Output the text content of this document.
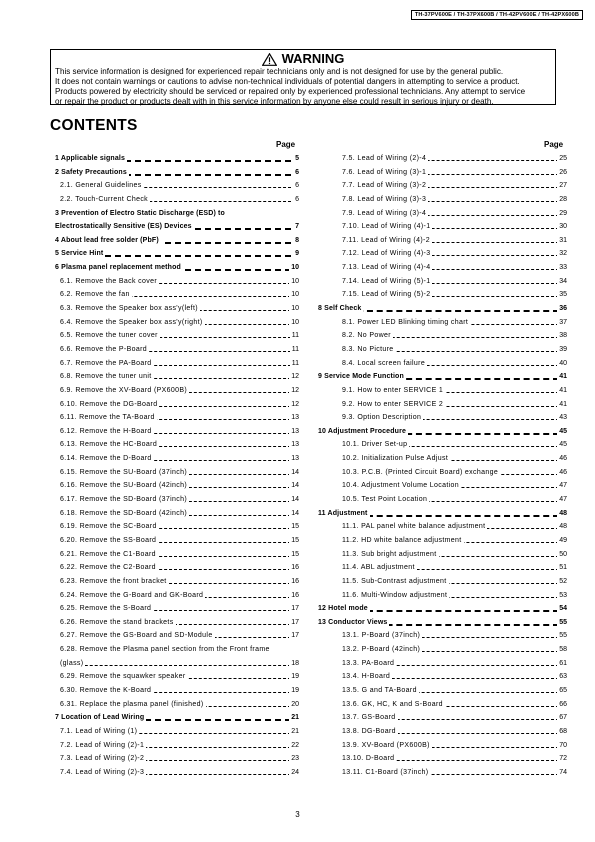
TH-37PV600E / TH-37PX600B / TH-42PV600E / TH-42PX600B
WARNING
This service information is designed for experienced repair technicians only and is not designed for use by the general public.
It does not contain warnings or cautions to advise non-technical individuals of potential dangers in attempting to service a product.
Products powered by electricity should be serviced or repaired only by experienced professional technicians. Any attempt to service
or repair the product or products dealt with in this service information by anyone else could result in serious injury or death.
CONTENTS
Page	Page
1 Applicable signals	5
2 Safety Precautions	6
2.1. General Guidelines	6
2.2. Touch-Current Check	6
3 Prevention of Electro Static Discharge (ESD) to
Electrostatically Sensitive (ES) Devices	7
4 About lead free solder (PbF)	8
5 Service Hint	9
6 Plasma panel replacement method	10
6.1. Remove the Back cover	10
6.2. Remove the fan	10
6.3. Remove the Speaker box ass'y(left)	10
6.4. Remove the Speaker box ass'y(right)	10
6.5. Remove the tuner cover	11
6.6. Remove the P-Board	11
6.7. Remove the PA-Board	11
6.8. Remove the tuner unit	12
6.9. Remove the XV-Board (PX600B)	12
6.10. Remove the DG-Board	12
6.11. Remove the TA-Board	13
6.12. Remove the H-Board	13
6.13. Remove the HC-Board	13
6.14. Remove the D-Board	13
6.15. Remove the SU-Board (37inch)	14
6.16. Remove the SU-Board (42inch)	14
6.17. Remove the SD-Board (37inch)	14
6.18. Remove the SD-Board (42inch)	14
6.19. Remove the SC-Board	15
6.20. Remove the SS-Board	15
6.21. Remove the C1-Board	15
6.22. Remove the C2-Board	16
6.23. Remove the front bracket	16
6.24. Remove the G-Board and GK-Board	16
6.25. Remove the S-Board	17
6.26. Remove the stand brackets	17
6.27. Remove the GS-Board and SD-Module	17
6.28. Remove the Plasma panel section from the Front frame
(glass)	18
6.29. Remove the squawker speaker	19
6.30. Remove the K-Board	19
6.31. Replace the plasma panel (finished)	20
7 Location of Lead Wiring	21
7.1. Lead of Wiring (1)	21
7.2. Lead of Wiring (2)-1	22
7.3. Lead of Wiring (2)-2	23
7.4. Lead of Wiring (2)-3	24
7.5. Lead of Wiring (2)-4	25
7.6. Lead of Wiring (3)-1	26
7.7. Lead of Wiring (3)-2	27
7.8. Lead of Wiring (3)-3	28
7.9. Lead of Wiring (3)-4	29
7.10. Lead of Wiring (4)-1	30
7.11. Lead of Wiring (4)-2	31
7.12. Lead of Wiring (4)-3	32
7.13. Lead of Wiring (4)-4	33
7.14. Lead of Wiring (5)-1	34
7.15. Lead of Wiring (5)-2	35
8 Self Check	36
8.1. Power LED Blinking timing chart	37
8.2. No Power	38
8.3. No Picture	39
8.4. Local screen failure	40
9 Service Mode Function	41
9.1. How to enter SERVICE 1	41
9.2. How to enter SERVICE 2	41
9.3. Option Description	43
10 Adjustment Procedure	45
10.1. Driver Set-up	45
10.2. Initialization Pulse Adjust	46
10.3. P.C.B. (Printed Circuit Board) exchange	46
10.4. Adjustment Volume Location	47
10.5. Test Point Location	47
11 Adjustment	48
11.1. PAL panel white balance adjustment	48
11.2. HD white balance adjustment	49
11.3. Sub bright adjustment	50
11.4. ABL adjustment	51
11.5. Sub-Contrast adjustment	52
11.6. Multi-Window adjustment	53
12 Hotel mode	54
13 Conductor Views	55
13.1. P-Board (37inch)	55
13.2. P-Board (42inch)	58
13.3. PA-Board	61
13.4. H-Board	63
13.5. G and TA-Board	65
13.6. GK, HC, K and S-Board	66
13.7. GS-Board	67
13.8. DG-Board	68
13.9. XV-Board (PX600B)	70
13.10. D-Board	72
13.11. C1-Board (37inch)	74
3
